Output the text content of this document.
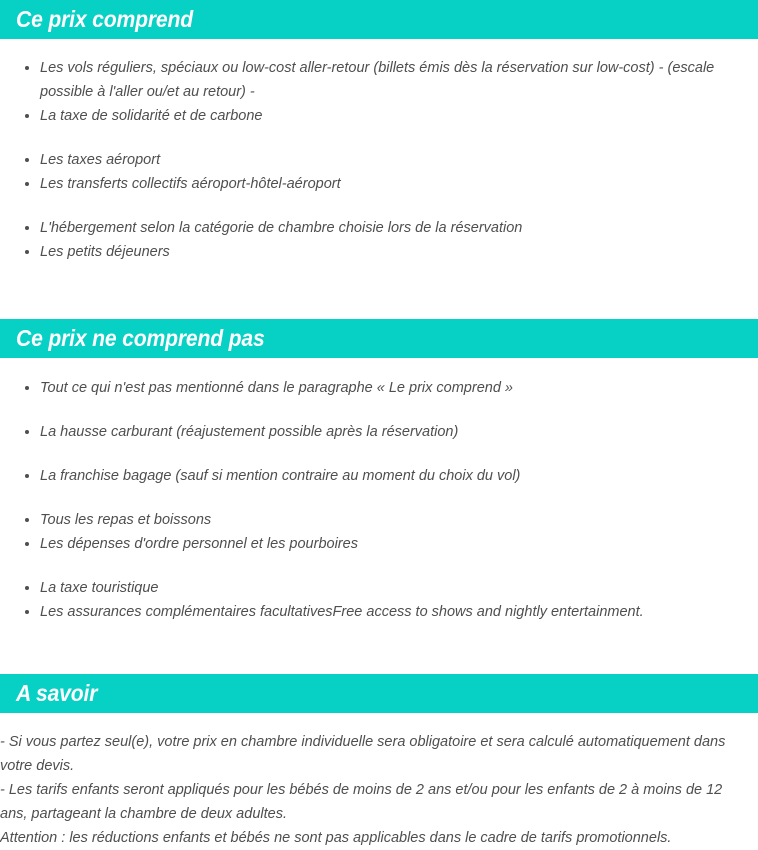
Ce prix comprend
Les vols réguliers, spéciaux ou low-cost aller-retour (billets émis dès la réservation sur low-cost) - (escale possible à l'aller ou/et au retour) -
La taxe de solidarité et de carbone
Les taxes aéroport
Les transferts collectifs aéroport-hôtel-aéroport
L'hébergement selon la catégorie de chambre choisie lors de la réservation
Les petits déjeuners
Ce prix ne comprend pas
Tout ce qui n'est pas mentionné dans le paragraphe « Le prix comprend »
La hausse carburant (réajustement possible après la réservation)
La franchise bagage (sauf si mention contraire au moment du choix du vol)
Tous les repas et boissons
Les dépenses d'ordre personnel et les pourboires
La taxe touristique
Les assurances complémentaires facultativesFree access to shows and nightly entertainment.
A savoir

- Si vous partez seul(e), votre prix en chambre individuelle sera obligatoire et sera calculé automatiquement dans votre devis.

- Les tarifs enfants seront appliqués pour les bébés de moins de 2 ans et/ou pour les enfants de 2 à moins de 12 ans, partageant la chambre de deux adultes.

Attention : les réductions enfants et bébés ne sont pas applicables dans le cadre de tarifs promotionnels.
